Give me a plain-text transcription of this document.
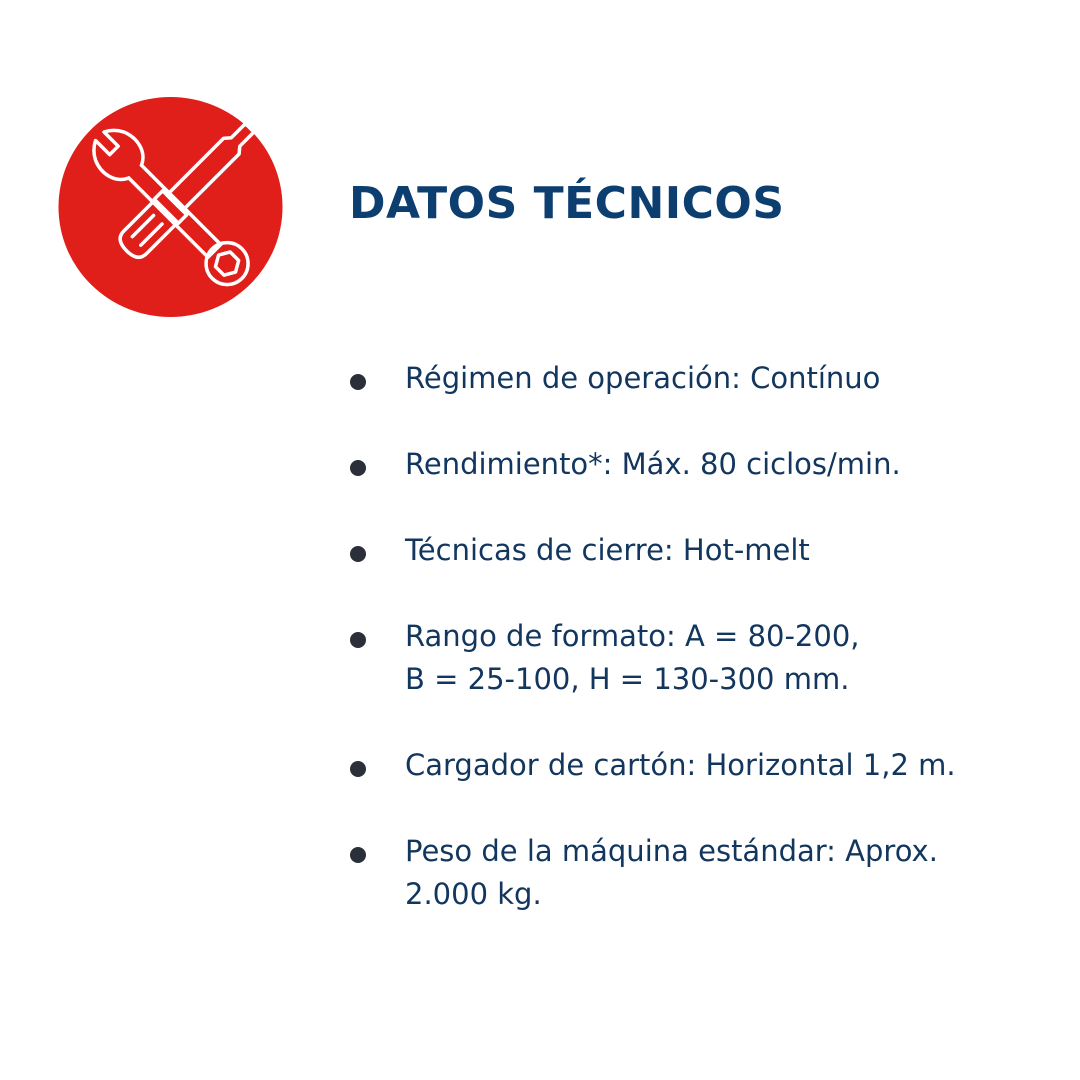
DATOS TÉCNICOS
Régimen de operación: Contínuo
Rendimiento*: Máx. 80 ciclos/min.
Técnicas de cierre: Hot-melt
Rango de formato: A = 80-200,
B = 25-100, H = 130-300 mm.
Cargador de cartón: Horizontal 1,2 m.
Peso de la máquina estándar: Aprox.
2.000 kg.
